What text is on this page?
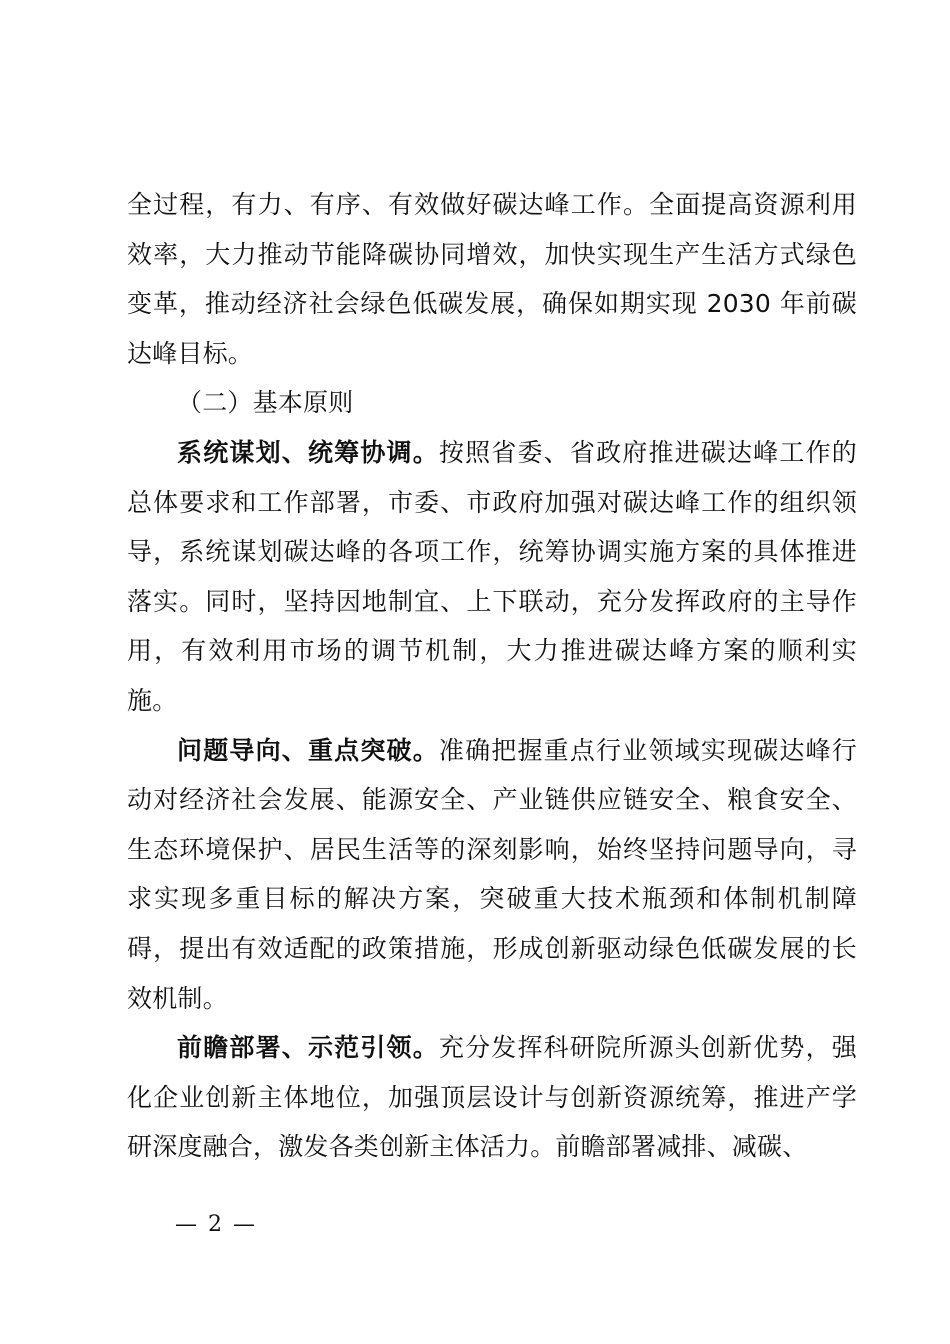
全过程，有力、有序、有效做好碳达峰工作。全面提高资源利用效率，大力推动节能降碳协同增效，加快实现生产生活方式绿色变革，推动经济社会绿色低碳发展，确保如期实现 2030 年前碳达峰目标。

（二）基本原则

系统谋划、统筹协调。按照省委、省政府推进碳达峰工作的总体要求和工作部署，市委、市政府加强对碳达峰工作的组织领导，系统谋划碳达峰的各项工作，统筹协调实施方案的具体推进落实。同时，坚持因地制宜、上下联动，充分发挥政府的主导作用，有效利用市场的调节机制，大力推进碳达峰方案的顺利实施。

问题导向、重点突破。准确把握重点行业领域实现碳达峰行动对经济社会发展、能源安全、产业链供应链安全、粮食安全、生态环境保护、居民生活等的深刻影响，始终坚持问题导向，寻求实现多重目标的解决方案，突破重大技术瓶颈和体制机制障碍，提出有效适配的政策措施，形成创新驱动绿色低碳发展的长效机制。

前瞻部署、示范引领。充分发挥科研院所源头创新优势，强化企业创新主体地位，加强顶层设计与创新资源统筹，推进产学研深度融合，激发各类创新主体活力。前瞻部署减排、减碳、

— 2 —
